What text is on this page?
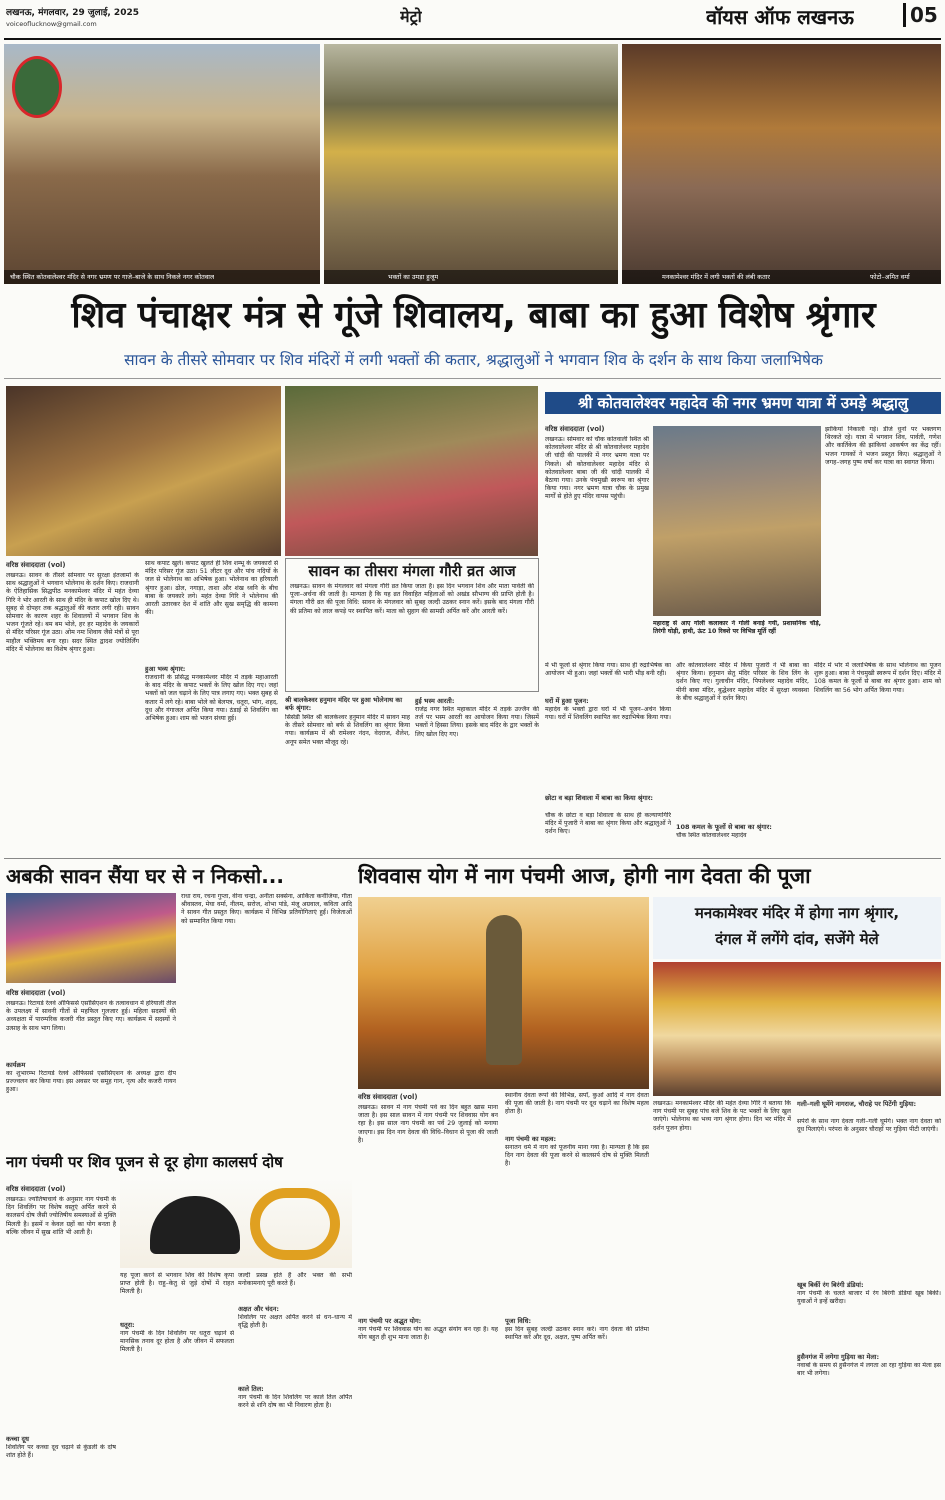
लखनऊ, मंगलवार, 29 जुलाई, 2025
voiceoflucknow@gmail.com	मेट्रो	वॉयस ऑफ लखनऊ	05
चौक स्थित कोतवालेश्वर मंदिर से नगर भ्रमण पर गाजे–बाजे के साथ निकले नगर कोतवाल	भक्तों का उमड़ा हुजूम	मनकामेश्वर मंदिर में लगी भक्तों की लंबी कतार	फोटो–अमित वर्मा
शिव पंचाक्षर मंत्र से गूंजे शिवालय, बाबा का हुआ विशेष श्रृंगार
सावन के तीसरे सोमवार पर शिव मंदिरों में लगी भक्तों की कतार, श्रद्धालुओं ने भगवान शिव के दर्शन के साथ किया जलाभिषेक
वरिष्ठ संवाददाता (vol)
लखनऊ। सावन के तीसरे सोमवार पर सुरक्षा इंतजामों के साथ श्रद्धालुओं ने भगवान भोलेनाथ के दर्शन किए। राजधानी के ऐतिहासिक सिद्धपीठ मनकामेश्वर मंदिर में महंत देव्या गिरि ने भोर आरती के साथ ही मंदिर के कपाट खोल दिए थे। सुबह से दोपहर तक श्रद्धालुओं की कतार लगी रही। सावन सोमवार के कारण शहर के शिवालयों में भगवान शिव के भजन गूंजते रहे। बम बम भोले, हर हर महादेव के जयकारों से मंदिर परिसर गूंज उठा। ओम नमः शिवाय जैसे मंत्रों से पूरा माहौल भक्तिमय बना रहा। सदर स्थित द्वादश ज्योतिर्लिंग मंदिर में भोलेनाथ का विशेष श्रृंगार हुआ।
साथ कपाट खुले। कपाट खुलते ही शिव शम्भू के जयकारों से मंदिर परिसर गूंज उठा। 51 लीटर दूध और पांच नदियों के जल से भोलेनाथ का अभिषेक हुआ। भोलेनाथ का हरियाली श्रृंगार हुआ। ढोल, नगाड़ा, ताशा और शंख ध्वनि के बीच बाबा के जयकारे लगे। महंत देव्या गिरि ने भोलेनाथ की आरती उतारकर देश में शांति और सुख समृद्धि की कामना की।
हुआ भव्य श्रृंगार:
राजधानी के प्रसिद्ध मनकामेश्वर मंदिर में तड़के महाआरती के बाद मंदिर के कपाट भक्तों के लिए खोल दिए गए। जहां भक्तों को जल चढ़ाने के लिए पात्र लगाए गए। भक्त सुबह से कतार में लगे रहे। बाबा भोले को बेलपत्र, धतूरा, भांग, शहद, दूध और गंगाजल अर्पित किया गया। ठंडाई से शिवलिंग का अभिषेक हुआ। शाम को भजन संध्या हुई।
सावन का तीसरा मंगला गौरी व्रत आज
लखनऊ। सावन के मंगलवार को मंगला गौरी व्रत किया जाता है। इस दिन भगवान शिव और माता पार्वती की पूजा–अर्चना की जाती है। मान्यता है कि यह व्रत विवाहित महिलाओं को अखंड सौभाग्य की प्राप्ति होती है। मंगला गौरी व्रत की पूजा विधि: सावन के मंगलवार को सुबह जल्दी उठकर स्नान करें। इसके बाद मंगला गौरी की प्रतिमा को लाल कपड़े पर स्थापित करें। माता को सुहाग की सामग्री अर्पित करें और आरती करें।
श्री बालकेश्वर हनुमान मंदिर पर हुआ भोलेनाथ का बर्फ श्रृंगार:
सिसेंडी स्थित श्री बालकेश्वर हनुमान मंदिर में सावन माह के तीसरे सोमवार को बर्फ से शिवलिंग का श्रृंगार किया गया। कार्यक्रम में श्री रामेश्वर नंदन, वेदराज, शैलेश, अनूप समेत भक्त मौजूद रहे।
हुई भस्म आरती:
राजेंद्र नगर स्थित महाकाल मंदिर में तड़के उज्जैन की तर्ज पर भस्म आरती का आयोजन किया गया। जिसमें भक्तों ने हिस्सा लिया। इसके बाद मंदिर के द्वार भक्तों के लिए खोल दिए गए।
श्री कोतवालेश्वर महादेव की नगर भ्रमण यात्रा में उमड़े श्रद्धालु
वरिष्ठ संवाददाता (vol)
लखनऊ। सोमवार को चौक कोतवाली स्थित श्री कोतवालेश्वर मंदिर से श्री कोतवालेश्वर महादेव जी चांदी की पालकी में नगर भ्रमण यात्रा पर निकले। श्री कोतवालेश्वर महादेव मंदिर से कोतवालेश्वर बाबा जी की चांदी पालकी में बैठाया गया। उनके पंचमुखी स्वरूप का श्रृंगार किया गया। नगर भ्रमण यात्रा चौक के प्रमुख मार्गों से होते हुए मंदिर वापस पहुंची।
महाराष्ट्र से आए गोली कलाकार ने गोली बनाई गयी, प्रशासनिक चौड़े, तिरंगी घोड़ी, हाथी, ऊंट 10 रिक्शे पर विभिन्न मूर्ति रहीं
झांकियां निकाली गई। डीजे धुनों पर भक्तगण थिरकते रहे। यात्रा में भगवान शिव, पार्वती, गणेश और कार्तिकेय की झांकियां आकर्षण का केंद्र रहीं। भजन गायकों ने भजन प्रस्तुत किए। श्रद्धालुओं ने जगह–जगह पुष्प वर्षा कर यात्रा का स्वागत किया।
में भी फूलों से श्रृंगार किया गया। साथ ही रुद्राभिषेक का आयोजन भी हुआ। जहां भक्तों की भारी भीड़ बनी रही।
घरों में हुआ पूजन:
महादेव के भक्तों द्वारा घरों में भी पूजन–अर्चन किया गया। घरों में शिवलिंग स्थापित कर रुद्राभिषेक किया गया।
छोटा व बड़ा शिवाला में बाबा का किया श्रृंगार:
चौक के छोटा व बड़ा शिवाला के साथ ही कल्याणगिरि मंदिर में पुजारी ने बाबा का श्रृंगार किया और श्रद्धालुओं ने दर्शन किए।
और कोतवालेश्वर मंदिर में किया पुजारी ने भी बाबा का श्रृंगार किया। हनुमान सेतु मंदिर परिसर के शिव लिंग के दर्शन किए गए। गुलाचीन मंदिर, पिपलेश्वर महादेव मंदिर, मीनी बाबा मंदिर, बुद्धेश्वर महादेव मंदिर में सुरक्षा व्यवस्था के बीच श्रद्धालुओं ने दर्शन किए।
108 कमल के फूलों से बाबा का श्रृंगार:
चौक स्थित कोतवालेश्वर महादेव
मंदिर में भोर में जलाभिषेक के साथ भोलेनाथ का पूजन शुरू हुआ। बाबा ने पंचमुखी स्वरूप में दर्शन दिए। मंदिर में 108 कमल के फूलों से बाबा का श्रृंगार हुआ। शाम को शिवलिंग का 56 भोग अर्पित किया गया।
अबकी सावन सैंया घर से न निकसो...
वरिष्ठ संवाददाता (vol)
लखनऊ। रिटायर्ड रेलवे ऑफिसर्स एसोसिएशन के तत्वावधान में हरियाली तीज के उपलक्ष्य में सावनी गीतों से महफिल गुलजार हुई। महिला सदस्यों की अध्यक्षता में पारम्परिक कजरी गीत प्रस्तुत किए गए। कार्यक्रम में सदस्यों ने उत्साह के साथ भाग लिया।
कार्यक्रम
का शुभारम्भ रिटायर्ड रेलवे ऑफिसर्स एसोसिएशन के अध्यक्ष द्वारा दीप प्रज्ज्वलन कर किया गया। इस अवसर पर समूह गान, नृत्य और कजरी गायन हुआ।
राधा राय, रचना गुप्ता, वीना चन्द्रा, अनीता सक्सेना, आर्किता कनौजिया, गीता श्रीवास्तव, मेघा वर्मा, नीलम, सरोज, शोभा पांडे, मंजू अग्रवाल, कविता आदि ने सावन गीत प्रस्तुत किए। कार्यक्रम में विभिन्न प्रतियोगिताएं हुईं। विजेताओं को सम्मानित किया गया।
शिववास योग में नाग पंचमी आज, होगी नाग देवता की पूजा
वरिष्ठ संवाददाता (vol)
लखनऊ। सावन में नाग पंचमी पर्व का दिन बहुत खास माना जाता है। इस साल सावन में नाग पंचमी पर शिववास योग बन रहा है। इस साल नाग पंचमी का पर्व 29 जुलाई को मनाया जाएगा। इस दिन नाग देवता की विधि–विधान से पूजा की जाती है।
नाग पंचमी पर अद्भुत योग:
नाग पंचमी पर शिववास योग का अद्भुत संयोग बन रहा है। यह योग बहुत ही शुभ माना जाता है।
स्थानीय देवता रूपों की विभिन्न, सर्पों, कुओं आदि में नाग देवता की पूजा की जाती है। नाग पंचमी पर दूध चढ़ाने का विशेष महत्व होता है।
नाग पंचमी का महत्व:
सनातन धर्म में नाग को पूजनीय माना गया है। मान्यता है कि इस दिन नाग देवता की पूजा करने से कालसर्प दोष से मुक्ति मिलती है।
पूजा विधि:
इस दिन सुबह जल्दी उठकर स्नान करें। नाग देवता की प्रतिमा स्थापित करें और दूध, अक्षत, पुष्प अर्पित करें।
मनकामेश्वर मंदिर में होगा नाग श्रृंगार,
दंगल में लगेंगे दांव, सजेंगे मेले
लखनऊ। मनकामेश्वर मंदिर की महंत देव्या गिरि ने बताया कि नाग पंचमी पर सुबह पांच बजे शिव के पट भक्तों के लिए खुल जाएंगे। भोलेनाथ का भव्य नाग श्रृंगार होगा। दिन भर मंदिर में दर्शन पूजन होगा।
गली–गली घूमेंगे नागराज, चौराहे पर पिटेंगी गुड़िया:
सपेरों के साथ नाग देवता गली–गली घूमेंगे। भक्त नाग देवता को दूध पिलाएंगे। परंपरा के अनुसार चौराहों पर गुड़िया पीटी जाएंगी।
खूब बिकीं रंग बिरंगी डंडियां:
नाग पंचमी के चलते बाजार में रंग बिरंगी डंडियां खूब बिकीं। युवाओं ने इन्हें खरीदा।
हुसैनगंज में लगेगा गुड़िया का मेला:
नवाबों के समय से हुसैनगंज में लगता आ रहा गुड़िया का मेला इस बार भी लगेगा।
नाग पंचमी पर शिव पूजन से दूर होगा कालसर्प दोष
वरिष्ठ संवाददाता (vol)
लखनऊ। ज्योतिषाचार्य के अनुसार नाग पंचमी के दिन शिवलिंग पर विशेष वस्तुएं अर्पित करने से कालसर्प दोष जैसी ज्योतिषीय समस्याओं से मुक्ति मिलती है। इसमें न केवल ग्रहों का योग बनता है बल्कि जीवन में सुख शांति भी आती है।
कच्चा दूध
शिवलिंग पर कच्चा दूध चढ़ाने से कुंडली के दोष शांत होते हैं।
यह पूजा करने से भगवान शिव की विशेष कृपा प्राप्त होती है। राहु–केतु से जुड़े दोषों में राहत मिलती है।
धतूरा:
नाग पंचमी के दिन शिवलिंग पर धतूरा चढ़ाने से मानसिक तनाव दूर होता है और जीवन में सफलता मिलती है।
जल्दी प्रसन्न होते हैं और भक्त की सभी मनोकामनाएं पूरी करते हैं।
अक्षत और चंदन:
शिवलिंग पर अक्षत अर्पित करने से धन–धान्य में वृद्धि होती है।
काले तिल:
नाग पंचमी के दिन शिवलिंग पर काले तिल अर्पित करने से शनि दोष का भी निवारण होता है।
